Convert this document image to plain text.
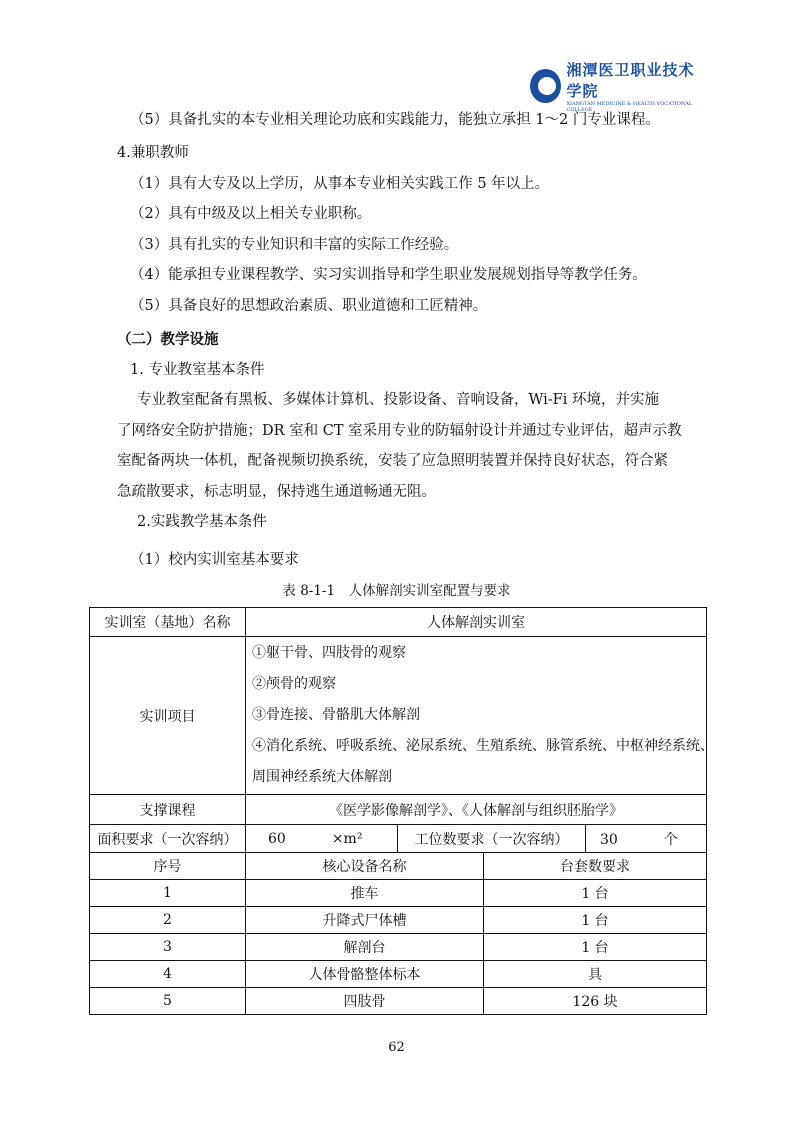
湘潭医卫职业技术学院
XIANGTAN MEDICINE & HEALTH VOCATIONAL COLLEGE
（5）具备扎实的本专业相关理论功底和实践能力，能独立承担 1～2 门专业课程。
4.兼职教师
（1）具有大专及以上学历，从事本专业相关实践工作 5 年以上。
（2）具有中级及以上相关专业职称。
（3）具有扎实的专业知识和丰富的实际工作经验。
（4）能承担专业课程教学、实习实训指导和学生职业发展规划指导等教学任务。
（5）具备良好的思想政治素质、职业道德和工匠精神。
（二）教学设施
1. 专业教室基本条件
专业教室配备有黑板、多媒体计算机、投影设备、音响设备，Wi-Fi 环境，并实施
了网络安全防护措施；DR 室和 CT 室采用专业的防辐射设计并通过专业评估，超声示教
室配备两块一体机，配备视频切换系统，安装了应急照明装置并保持良好状态，符合紧
急疏散要求，标志明显，保持逃生通道畅通无阻。
2.实践教学基本条件
（1）校内实训室基本要求
表 8-1-1　人体解剖实训室配置与要求
实训室（基地）名称	人体解剖实训室			
实训项目	①躯干骨、四肢骨的观察
②颅骨的观察
③骨连接、骨骼肌大体解剖
④消化系统、呼吸系统、泌尿系统、生殖系统、脉管系统、中枢神经系统、
周围神经系统大体解剖			

支撑课程	《医学影像解剖学》、《人体解剖与组织胚胎学》			
面积要求（一次容纳）	60 ×m²	工位数要求（一次容纳）		30 个
序号	核心设备名称		台套数要求	
1	推车		1 台	
2	升降式尸体槽		1 台	
3	解剖台		1 台	
4	人体骨骼整体标本		具	
5	四肢骨		126 块	
62
